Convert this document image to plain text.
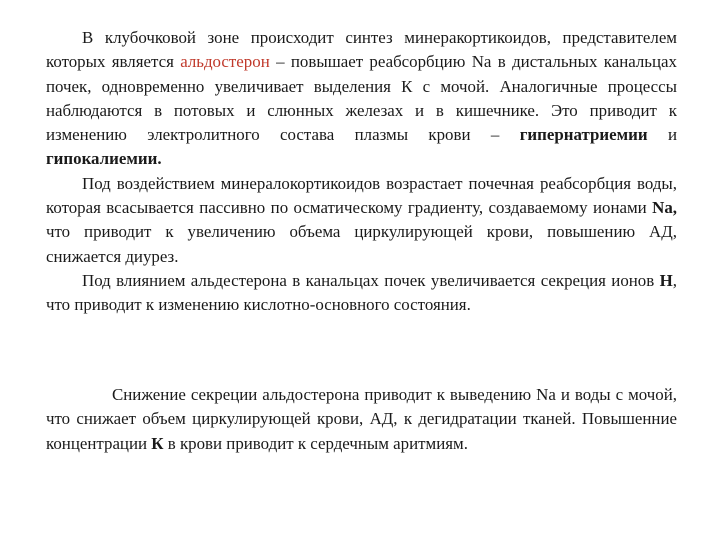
В клубочковой зоне происходит синтез минеракортикоидов, представителем которых является альдостерон – повышает реабсорбцию Na в дистальных канальцах почек, одновременно увеличивает выделения К с мочой. Аналогичные процессы наблюдаются в потовых и слюнных железах и в кишечнике. Это приводит к изменению электролитного состава плазмы крови – гипернатриемии и гипокалиемии.

Под воздействием минералокортикоидов возрастает почечная реабсорбция воды, которая всасывается пассивно по осматическому градиенту, создаваемому ионами Na, что приводит к увеличению объема циркулирующей крови, повышению АД, снижается диурез.

Под влиянием альдестерона в канальцах почек увеличивается секреция ионов Н, что приводит к изменению кислотно-основного состояния.

Снижение секреции альдостерона приводит к выведению Na и воды с мочой, что снижает объем циркулирующей крови, АД, к дегидратации тканей. Повышенние концентрации К в крови приводит к сердечным аритмиям.
